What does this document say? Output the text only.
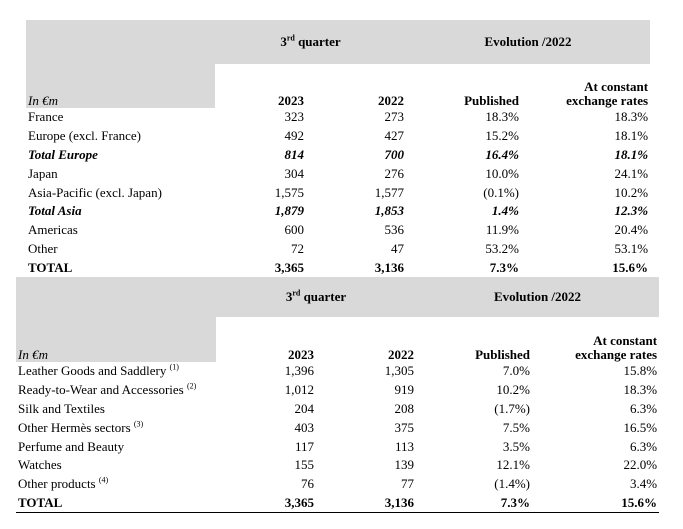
	3rd quarter		Evolution /2022	
In €m	2023	2022	Published	At constant
exchange rates

France	323	273	18.3%	18.3%
Europe (excl. France)	492	427	15.2%	18.1%
Total Europe	814	700	16.4%	18.1%
Japan	304	276	10.0%	24.1%
Asia-Pacific (excl. Japan)	1,575	1,577	(0.1%)	10.2%
Total Asia	1,879	1,853	1.4%	12.3%
Americas	600	536	11.9%	20.4%
Other	72	47	53.2%	53.1%
TOTAL	3,365	3,136	7.3%	15.6%
	3rd quarter		Evolution /2022	
In €m	2023	2022	Published	At constant
exchange rates

Leather Goods and Saddlery $^{(1)}$	1,396	1,305	7.0%	15.8%
Ready-to-Wear and Accessories $^{(2)}$	1,012	919	10.2%	18.3%
Silk and Textiles	204	208	(1.7%)	6.3%
Other Hermès sectors $^{(3)}$	403	375	7.5%	16.5%
Perfume and Beauty	117	113	3.5%	6.3%
Watches	155	139	12.1%	22.0%
Other products $^{(4)}$	76	77	(1.4%)	3.4%
TOTAL	3,365	3,136	7.3%	15.6%
